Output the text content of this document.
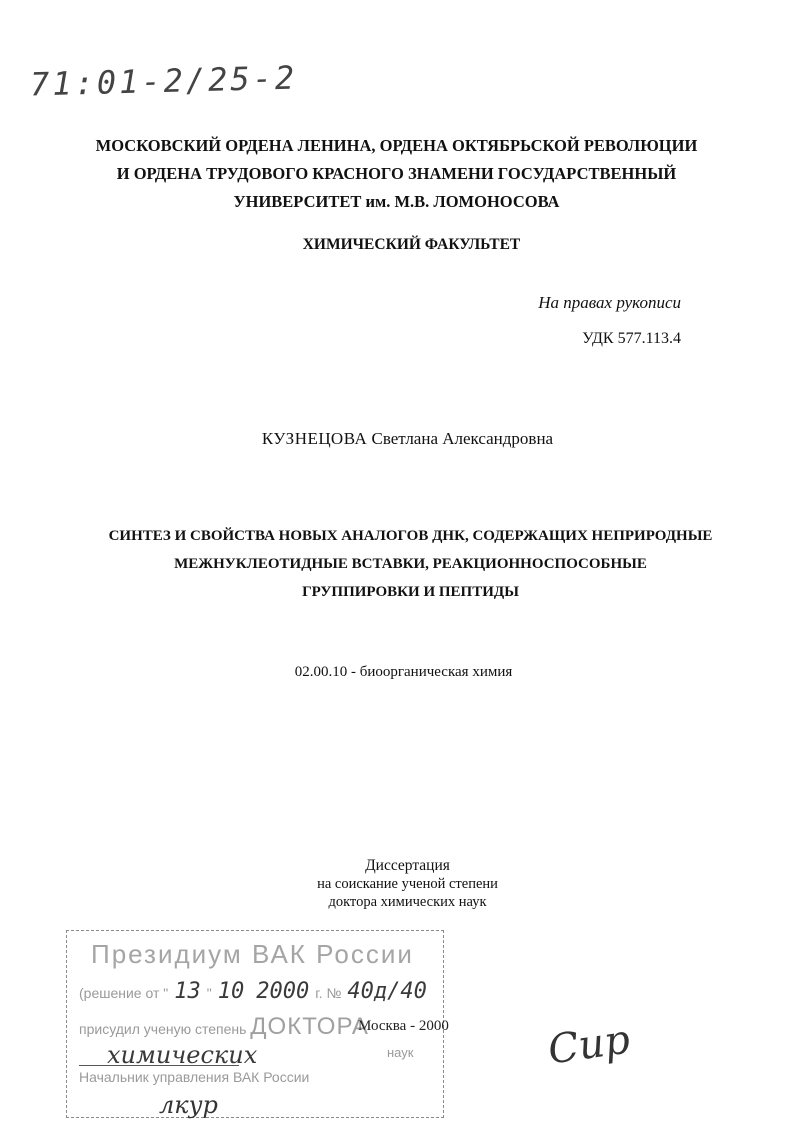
71:01-2/25-2
МОСКОВСКИЙ ОРДЕНА ЛЕНИНА, ОРДЕНА ОКТЯБРЬСКОЙ РЕВОЛЮЦИИ
И ОРДЕНА ТРУДОВОГО КРАСНОГО ЗНАМЕНИ ГОСУДАРСТВЕННЫЙ
УНИВЕРСИТЕТ им. М.В. ЛОМОНОСОВА
ХИМИЧЕСКИЙ ФАКУЛЬТЕТ
На правах рукописи
УДК 577.113.4
КУЗНЕЦОВА Светлана Александровна
СИНТЕЗ И СВОЙСТВА НОВЫХ АНАЛОГОВ ДНК, СОДЕРЖАЩИХ НЕПРИРОДНЫЕ
МЕЖНУКЛЕОТИДНЫЕ ВСТАВКИ, РЕАКЦИОННОСПОСОБНЫЕ
ГРУППИРОВКИ И ПЕПТИДЫ
02.00.10 - биоорганическая химия
Диссертация
на соискание ученой степени
доктора химических наук
Президиум ВАК России
(решение от " 13 " 10 2000 г. № 40д/40
присудил ученую степень ДОКТОРА
химических	наук
Начальник управления ВАК России
лкур
Москва - 2000 Сир
